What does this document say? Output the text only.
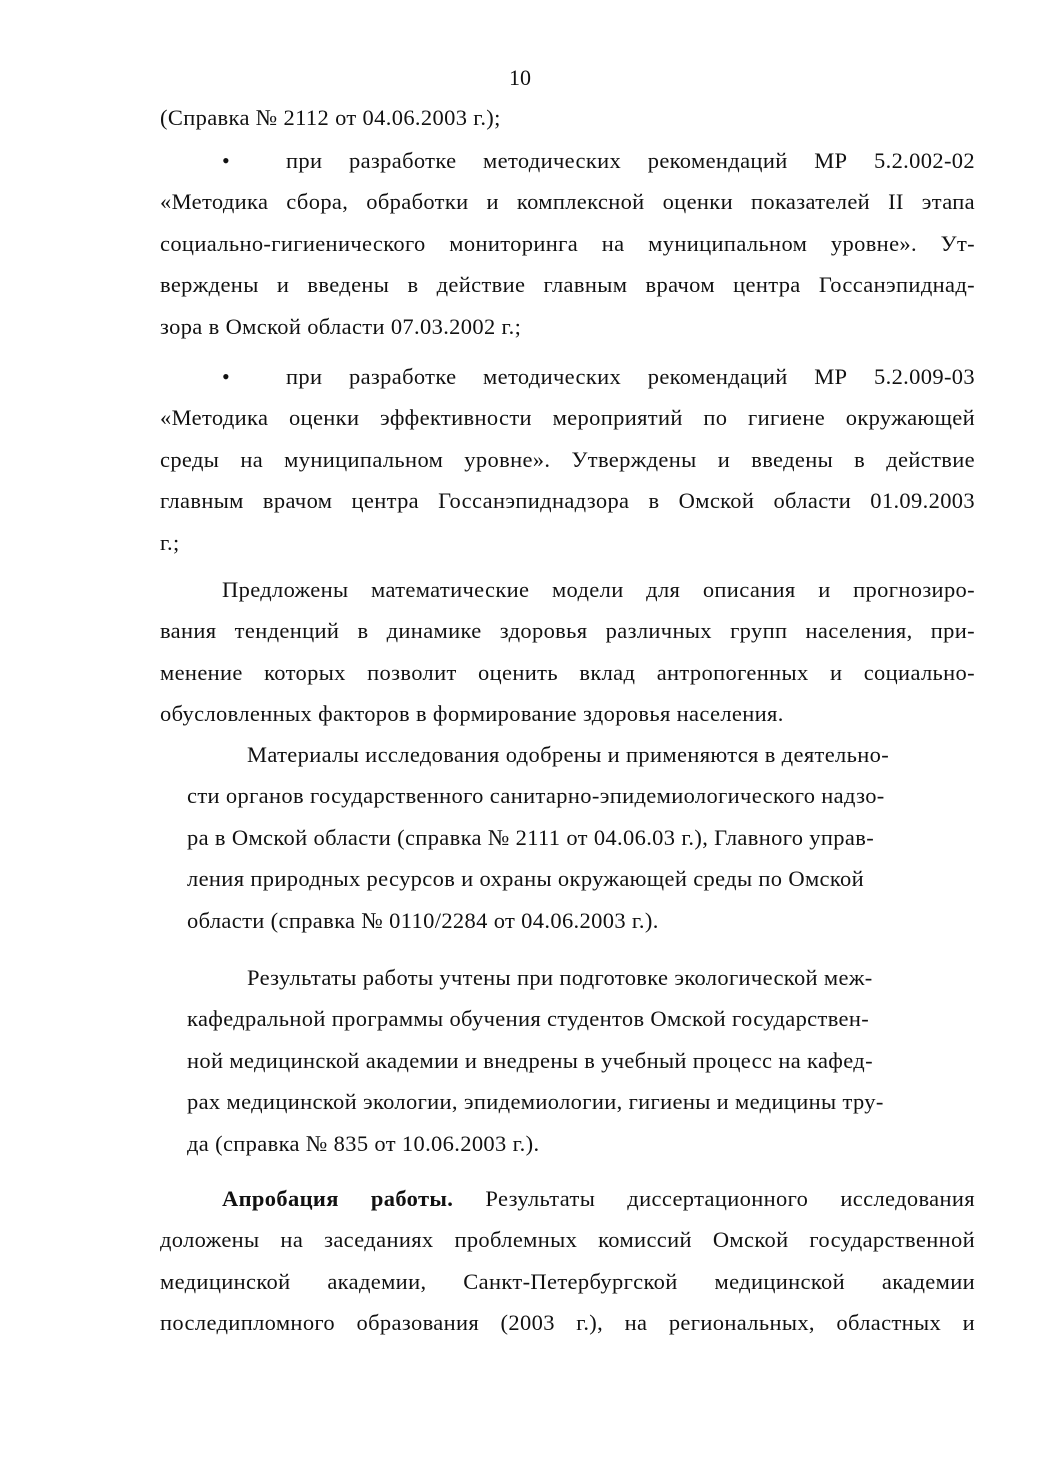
10
(Справка № 2112 от 04.06.2003 г.);
•	при разработке методических рекомендаций МР 5.2.002-02
«Методика сбора, обработки и комплексной оценки показателей II этапа
социально-гигиенического мониторинга на муниципальном уровне». Ут-
верждены и введены в действие главным врачом центра Госсанэпиднад-
зора в Омской области 07.03.2002 г.;
•	при разработке методических рекомендаций МР 5.2.009-03
«Методика оценки эффективности мероприятий по гигиене окружающей
среды на муниципальном уровне». Утверждены и введены в действие
главным врачом центра Госсанэпиднадзора в Омской области 01.09.2003
г.;
Предложены математические модели для описания и прогнозиро-
вания тенденций в динамике здоровья различных групп населения, при-
менение которых позволит оценить вклад антропогенных и социально-
обусловленных факторов в формирование здоровья населения.
Материалы исследования одобрены и применяются в деятельно-
сти органов государственного санитарно-эпидемиологического надзо-
ра в Омской области (справка № 2111 от 04.06.03 г.), Главного управ-
ления природных ресурсов и охраны окружающей среды по Омской
области (справка № 0110/2284 от 04.06.2003 г.).
Результаты работы учтены при подготовке экологической меж-
кафедральной программы обучения студентов Омской государствен-
ной медицинской академии и внедрены в учебный процесс на кафед-
рах медицинской экологии, эпидемиологии, гигиены и медицины тру-
да (справка № 835 от 10.06.2003 г.).
Апробация работы. Результаты диссертационного исследования
доложены на заседаниях проблемных комиссий Омской государственной
медицинской академии, Санкт-Петербургской медицинской академии
последипломного образования (2003 г.), на региональных, областных и
